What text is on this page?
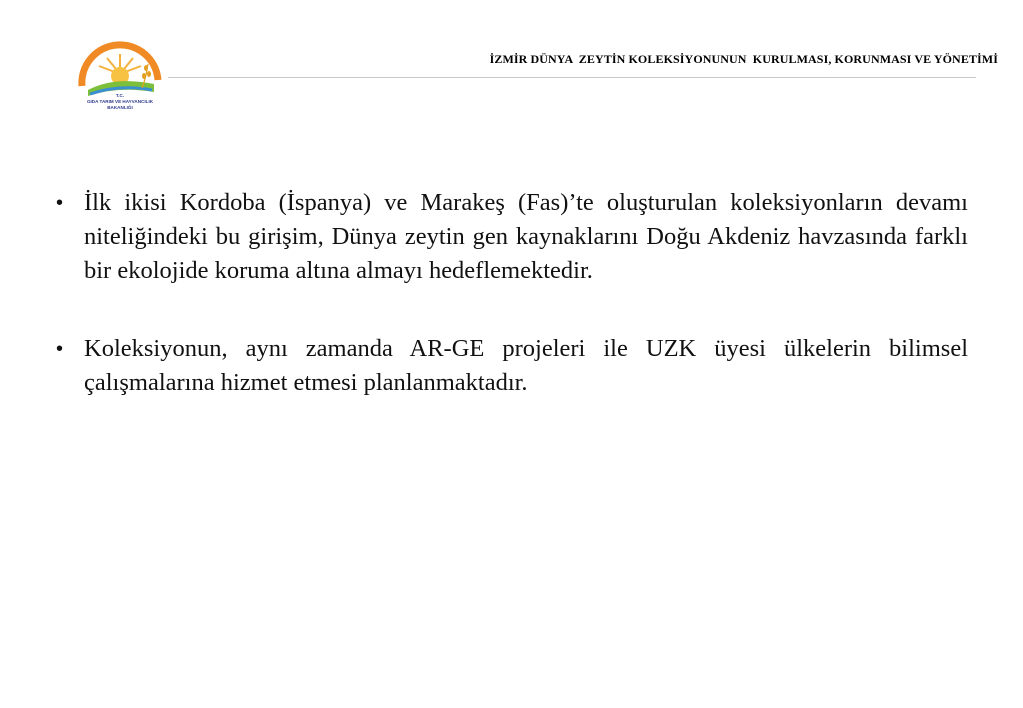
T.C.
GIDA TARIM VE HAYVANCILIK
BAKANLIĞI
İZMİR DÜNYA  ZEYTİN KOLEKSİYONUNUN  KURULMASI, KORUNMASI VE YÖNETİMİ
• İlk ikisi Kordoba (İspanya) ve Marakeş (Fas)’te oluşturulan koleksiyonların devamı niteliğindeki bu girişim, Dünya zeytin gen kaynaklarını Doğu Akdeniz havzasında farklı bir ekolojide koruma altına almayı hedeflemektedir.
• Koleksiyonun, aynı zamanda AR-GE projeleri ile UZK üyesi ülkelerin bilimsel çalışmalarına hizmet etmesi planlanmaktadır.
